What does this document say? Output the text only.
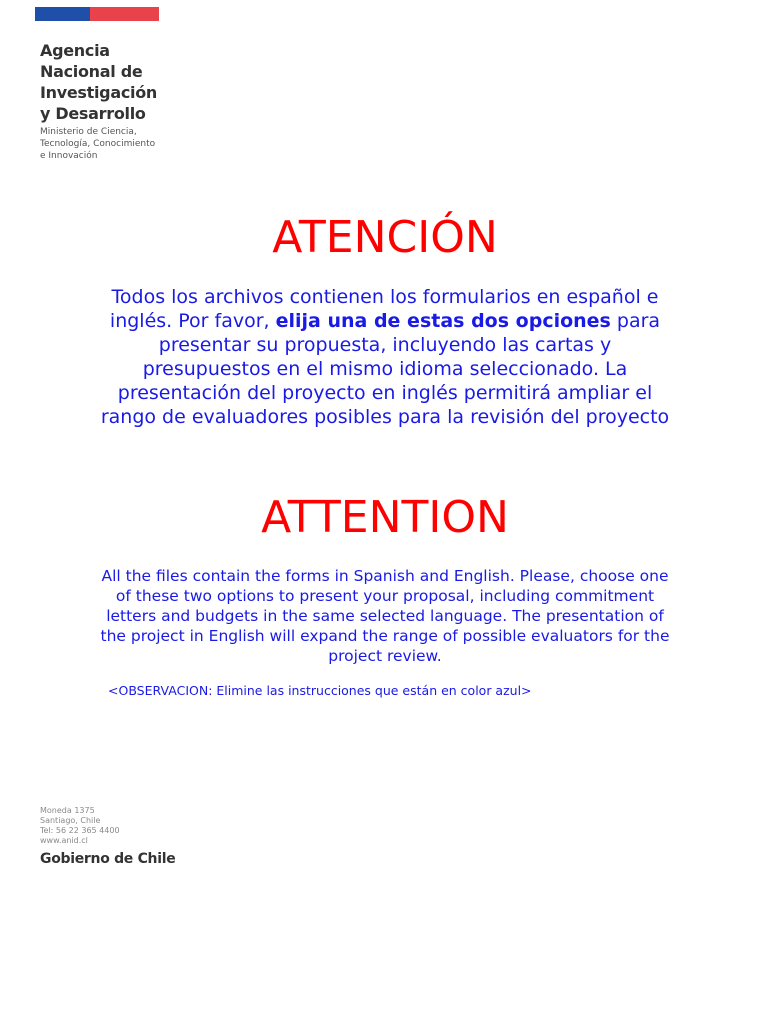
Agencia
Nacional de
Investigación
y Desarrollo
Ministerio de Ciencia,
Tecnología, Conocimiento
e Innovación
ATENCIÓN
Todos los archivos contienen los formularios en español e inglés. Por favor, elija una de estas dos opciones para presentar su propuesta, incluyendo las cartas y presupuestos en el mismo idioma seleccionado. La presentación del proyecto en inglés permitirá ampliar el rango de evaluadores posibles para la revisión del proyecto
ATTENTION
All the files contain the forms in Spanish and English. Please, choose one of these two options to present your proposal, including commitment letters and budgets in the same selected language. The presentation of the project in English will expand the range of possible evaluators for the project review.
<OBSERVACION: Elimine las instrucciones que están en color azul>
Moneda 1375
Santiago, Chile
Tel: 56 22 365 4400
www.anid.cl
Gobierno de Chile
